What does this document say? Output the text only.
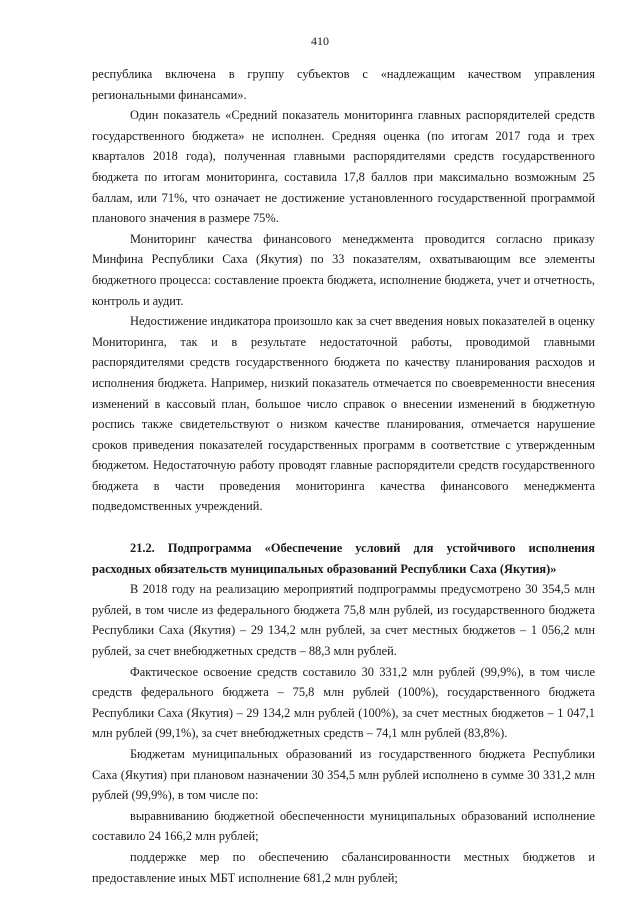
410

республика включена в группу субъектов с «надлежащим качеством управления региональными финансами».

Один показатель «Средний показатель мониторинга главных распорядителей средств государственного бюджета» не исполнен. Средняя оценка (по итогам 2017 года и трех кварталов 2018 года), полученная главными распорядителями средств государственного бюджета по итогам мониторинга, составила 17,8 баллов при максимально возможным 25 баллам, или 71%, что означает не достижение установленного государственной программой планового значения в размере 75%.

Мониторинг качества финансового менеджмента проводится согласно приказу Минфина Республики Саха (Якутия) по 33 показателям, охватывающим все элементы бюджетного процесса: составление проекта бюджета, исполнение бюджета, учет и отчетность, контроль и аудит.

Недостижение индикатора произошло как за счет введения новых показателей в оценку Мониторинга, так и в результате недостаточной работы, проводимой главными распорядителями средств государственного бюджета по качеству планирования расходов и исполнения бюджета. Например, низкий показатель отмечается по своевременности внесения изменений в кассовый план, большое число справок о внесении изменений в бюджетную роспись также свидетельствуют о низком качестве планирования, отмечается нарушение сроков приведения показателей государственных программ в соответствие с утвержденным бюджетом. Недостаточную работу проводят главные распорядители средств государственного бюджета в части проведения мониторинга качества финансового менеджмента подведомственных учреждений.

21.2. Подпрограмма «Обеспечение условий для устойчивого исполнения расходных обязательств муниципальных образований Республики Саха (Якутия)»

В 2018 году на реализацию мероприятий подпрограммы предусмотрено 30 354,5 млн рублей, в том числе из федерального бюджета 75,8 млн рублей, из государственного бюджета Республики Саха (Якутия) – 29 134,2 млн рублей, за счет местных бюджетов – 1 056,2 млн рублей, за счет внебюджетных средств – 88,3 млн рублей.

Фактическое освоение средств составило 30 331,2 млн рублей (99,9%), в том числе средств федерального бюджета – 75,8 млн рублей (100%), государственного бюджета Республики Саха (Якутия) – 29 134,2 млн рублей (100%), за счет местных бюджетов – 1 047,1 млн рублей (99,1%), за счет внебюджетных средств – 74,1 млн рублей (83,8%).

Бюджетам муниципальных образований из государственного бюджета Республики Саха (Якутия) при плановом назначении 30 354,5 млн рублей исполнено в сумме 30 331,2 млн рублей (99,9%), в том числе по:

выравниванию бюджетной обеспеченности муниципальных образований исполнение составило 24 166,2 млн рублей;

поддержке мер по обеспечению сбалансированности местных бюджетов и предоставление иных МБТ исполнение 681,2 млн рублей;
